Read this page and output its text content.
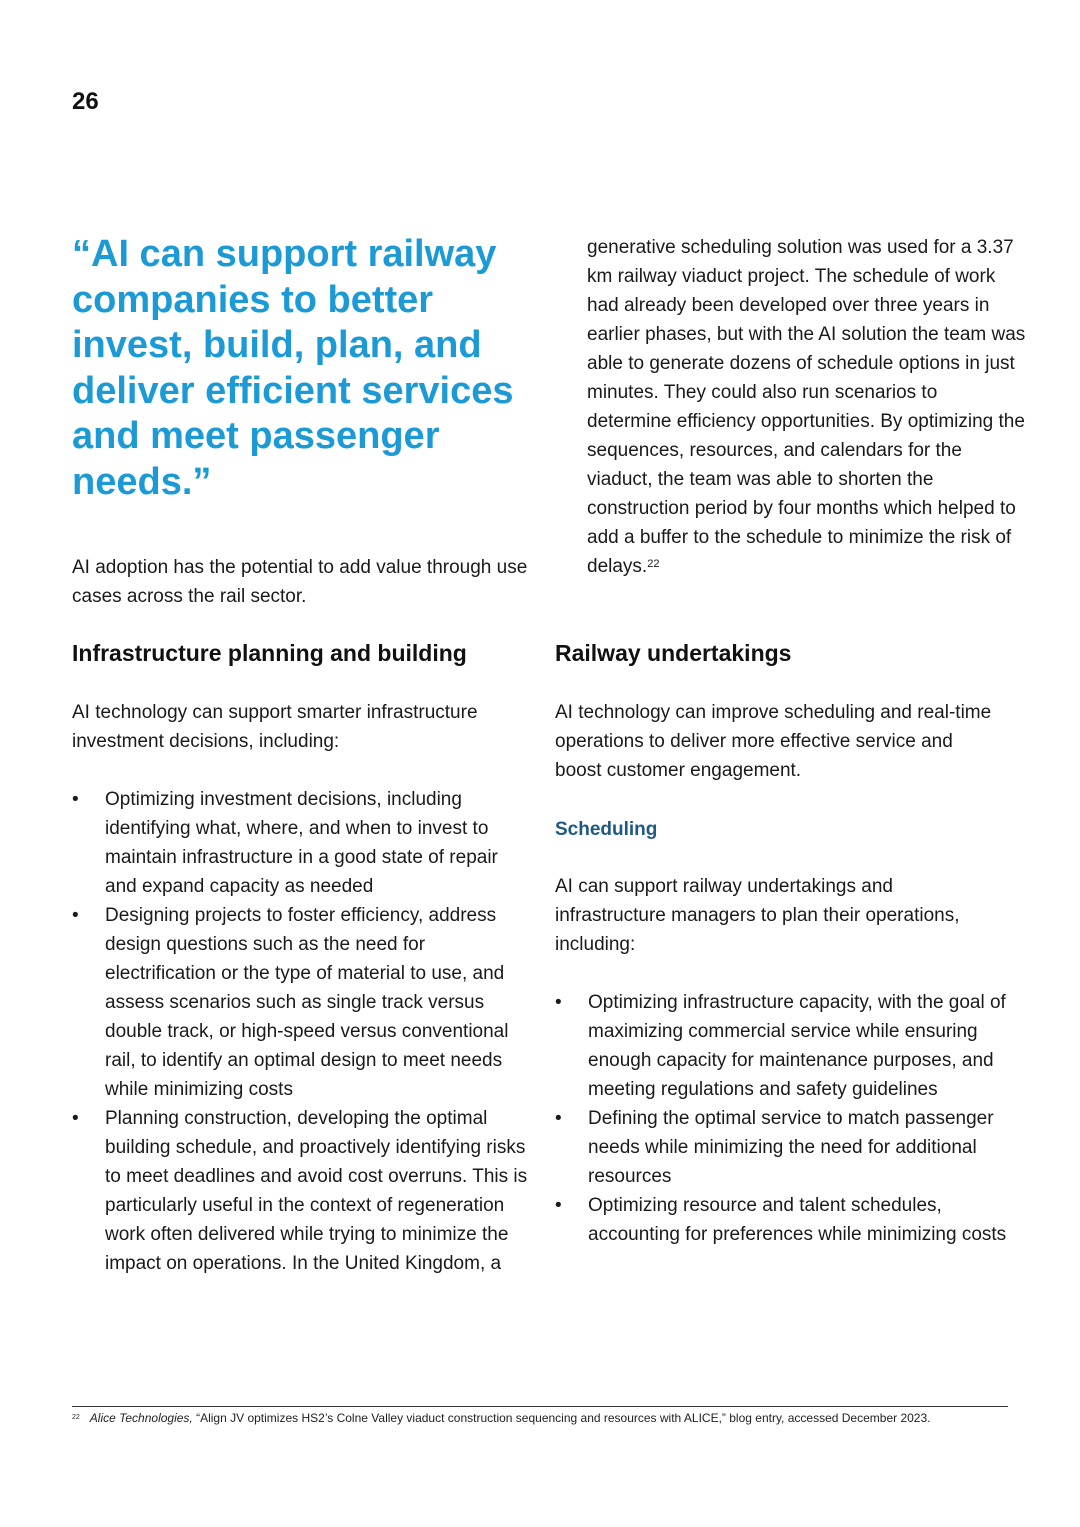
26
“AI can support railway companies to better invest, build, plan, and deliver efficient services and meet passenger needs.”

AI adoption has the potential to add value through use cases across the rail sector.

Infrastructure planning and building

AI technology can support smarter infrastructure investment decisions, including:

• Optimizing investment decisions, including identifying what, where, and when to invest to maintain infrastructure in a good state of repair and expand capacity as needed
• Designing projects to foster efficiency, address design questions such as the need for electrification or the type of material to use, and assess scenarios such as single track versus double track, or high-speed versus conventional rail, to identify an optimal design to meet needs while minimizing costs
• Planning construction, developing the optimal building schedule, and proactively identifying risks to meet deadlines and avoid cost overruns. This is particularly useful in the context of regeneration work often delivered while trying to minimize the impact on operations. In the United Kingdom, a

generative scheduling solution was used for a 3.37 km railway viaduct project. The schedule of work had already been developed over three years in earlier phases, but with the AI solution the team was able to generate dozens of schedule options in just minutes. They could also run scenarios to determine efficiency opportunities. By optimizing the sequences, resources, and calendars for the viaduct, the team was able to shorten the construction period by four months which helped to add a buffer to the schedule to minimize the risk of delays.$^{22}$

Railway undertakings

AI technology can improve scheduling and real-time operations to deliver more effective service and boost customer engagement.

Scheduling

AI can support railway undertakings and infrastructure managers to plan their operations, including:

• Optimizing infrastructure capacity, with the goal of maximizing commercial service while ensuring enough capacity for maintenance purposes, and meeting regulations and safety guidelines
• Defining the optimal service to match passenger needs while minimizing the need for additional resources
• Optimizing resource and talent schedules, accounting for preferences while minimizing costs

$^{22}$ Alice Technologies, “Align JV optimizes HS2’s Colne Valley viaduct construction sequencing and resources with ALICE,” blog entry, accessed December 2023.
